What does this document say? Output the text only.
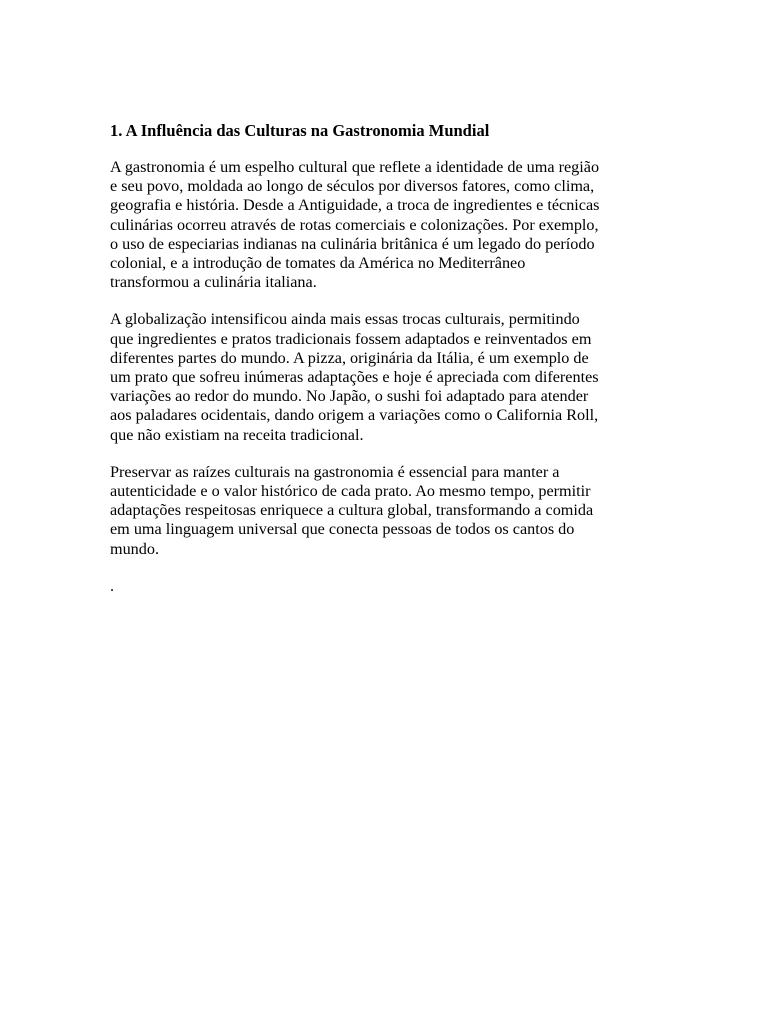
1. A Influência das Culturas na Gastronomia Mundial

A gastronomia é um espelho cultural que reflete a identidade de uma região
e seu povo, moldada ao longo de séculos por diversos fatores, como clima,
geografia e história. Desde a Antiguidade, a troca de ingredientes e técnicas
culinárias ocorreu através de rotas comerciais e colonizações. Por exemplo,
o uso de especiarias indianas na culinária britânica é um legado do período
colonial, e a introdução de tomates da América no Mediterrâneo
transformou a culinária italiana.
A globalização intensificou ainda mais essas trocas culturais, permitindo
que ingredientes e pratos tradicionais fossem adaptados e reinventados em
diferentes partes do mundo. A pizza, originária da Itália, é um exemplo de
um prato que sofreu inúmeras adaptações e hoje é apreciada com diferentes
variações ao redor do mundo. No Japão, o sushi foi adaptado para atender
aos paladares ocidentais, dando origem a variações como o California Roll,
que não existiam na receita tradicional.
Preservar as raízes culturais na gastronomia é essencial para manter a
autenticidade e o valor histórico de cada prato. Ao mesmo tempo, permitir
adaptações respeitosas enriquece a cultura global, transformando a comida
em uma linguagem universal que conecta pessoas de todos os cantos do
mundo.

.
